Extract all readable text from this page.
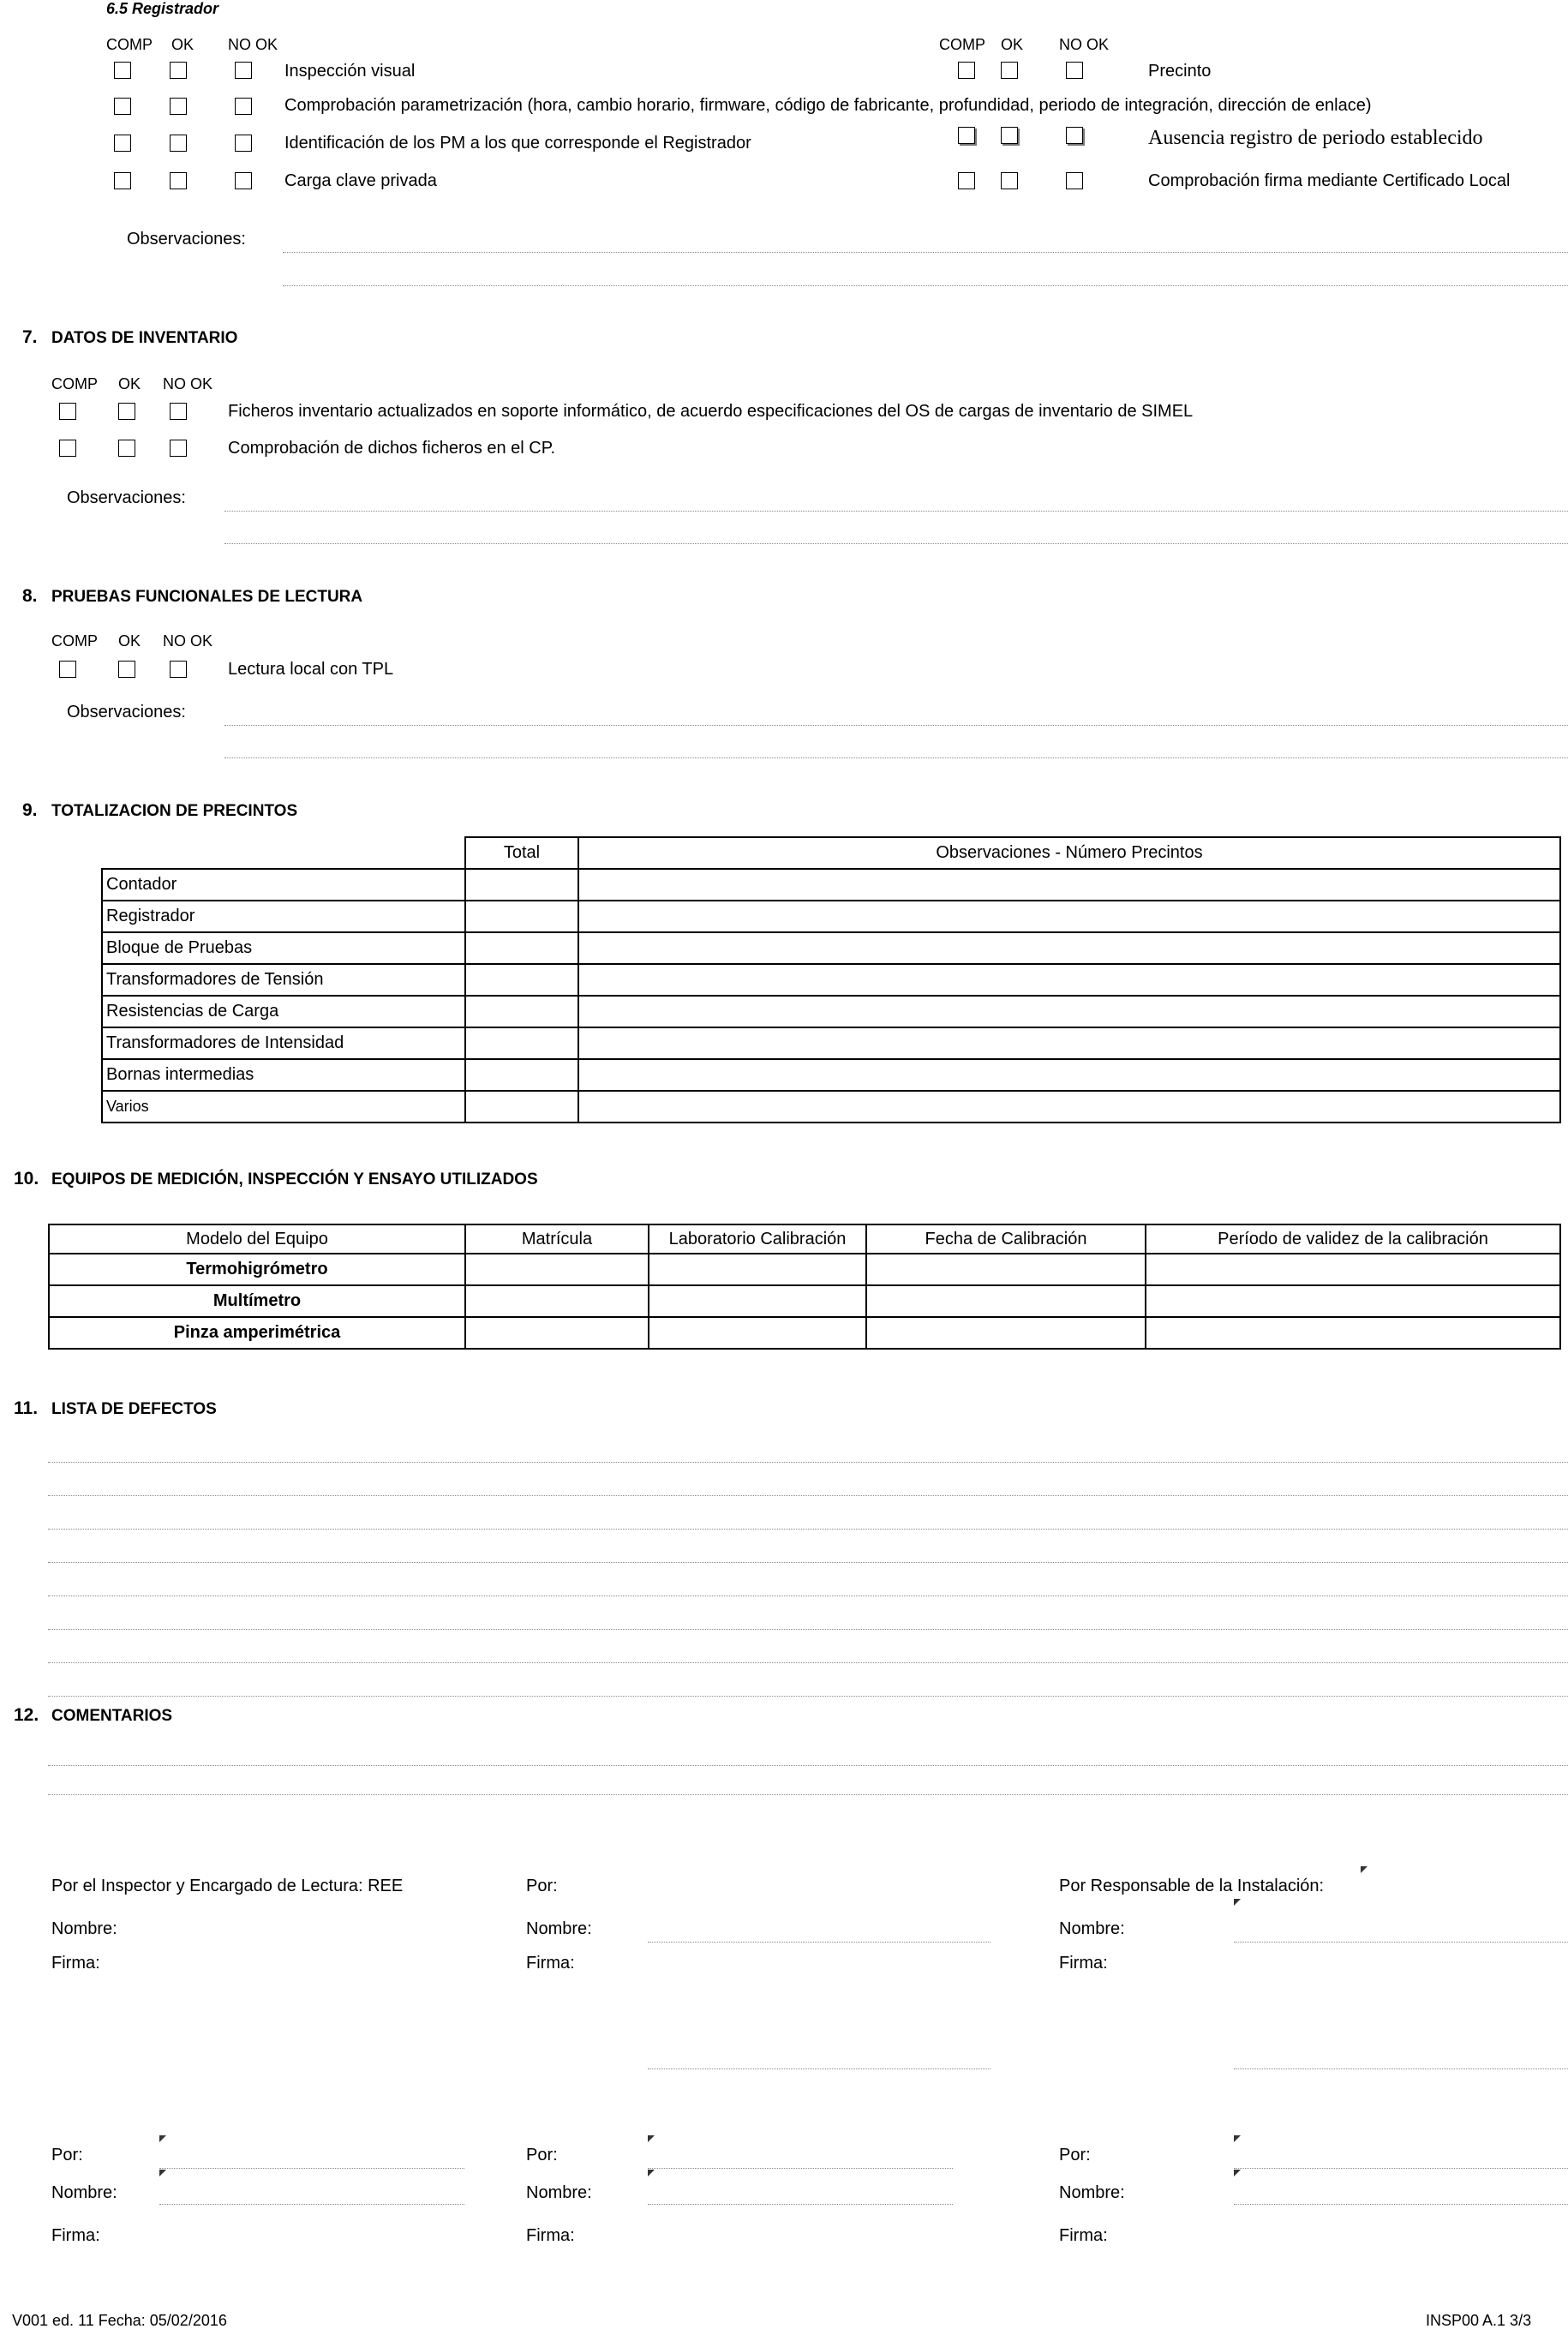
6.5 Registrador
COMP OK NO OK	COMP OK NO OK
Inspección visual
Comprobación parametrización (hora, cambio horario, firmware, código de fabricante, profundidad, periodo de integración, dirección de enlace)
Identificación de los PM a los que corresponde el Registrador
Carga clave privada
Precinto
Ausencia registro de periodo establecido
Comprobación firma mediante Certificado Local
Observaciones:
7. DATOS DE INVENTARIO
COMP OK NO OK
Ficheros inventario actualizados en soporte informático, de acuerdo especificaciones del OS de cargas de inventario de SIMEL
Comprobación de dichos ficheros en el CP.
Observaciones:
8. PRUEBAS FUNCIONALES DE LECTURA
COMP OK NO OK
Lectura local con TPL
Observaciones:
9. TOTALIZACION DE PRECINTOS
	Total	Observaciones - Número Precintos
Contador		
Registrador		
Bloque de Pruebas		
Transformadores de Tensión		
Resistencias de Carga		
Transformadores de Intensidad		
Bornas intermedias		
Varios		
10. EQUIPOS DE MEDICIÓN, INSPECCIÓN Y ENSAYO UTILIZADOS
Modelo del Equipo	Matrícula	Laboratorio Calibración	Fecha de Calibración	Período de validez de la calibración
Termohigrómetro				
Multímetro				
Pinza amperimétrica				
11. LISTA DE DEFECTOS
12. COMENTARIOS
Por el Inspector y Encargado de Lectura: REE	Por:	Por Responsable de la Instalación:
Nombre:	Nombre:	Nombre:
Firma:	Firma:	Firma:
Por:	Por:	Por:
Nombre:	Nombre:	Nombre:
Firma:	Firma:	Firma:
V001 ed. 11 Fecha: 05/02/2016	INSP00 A.1 3/3
